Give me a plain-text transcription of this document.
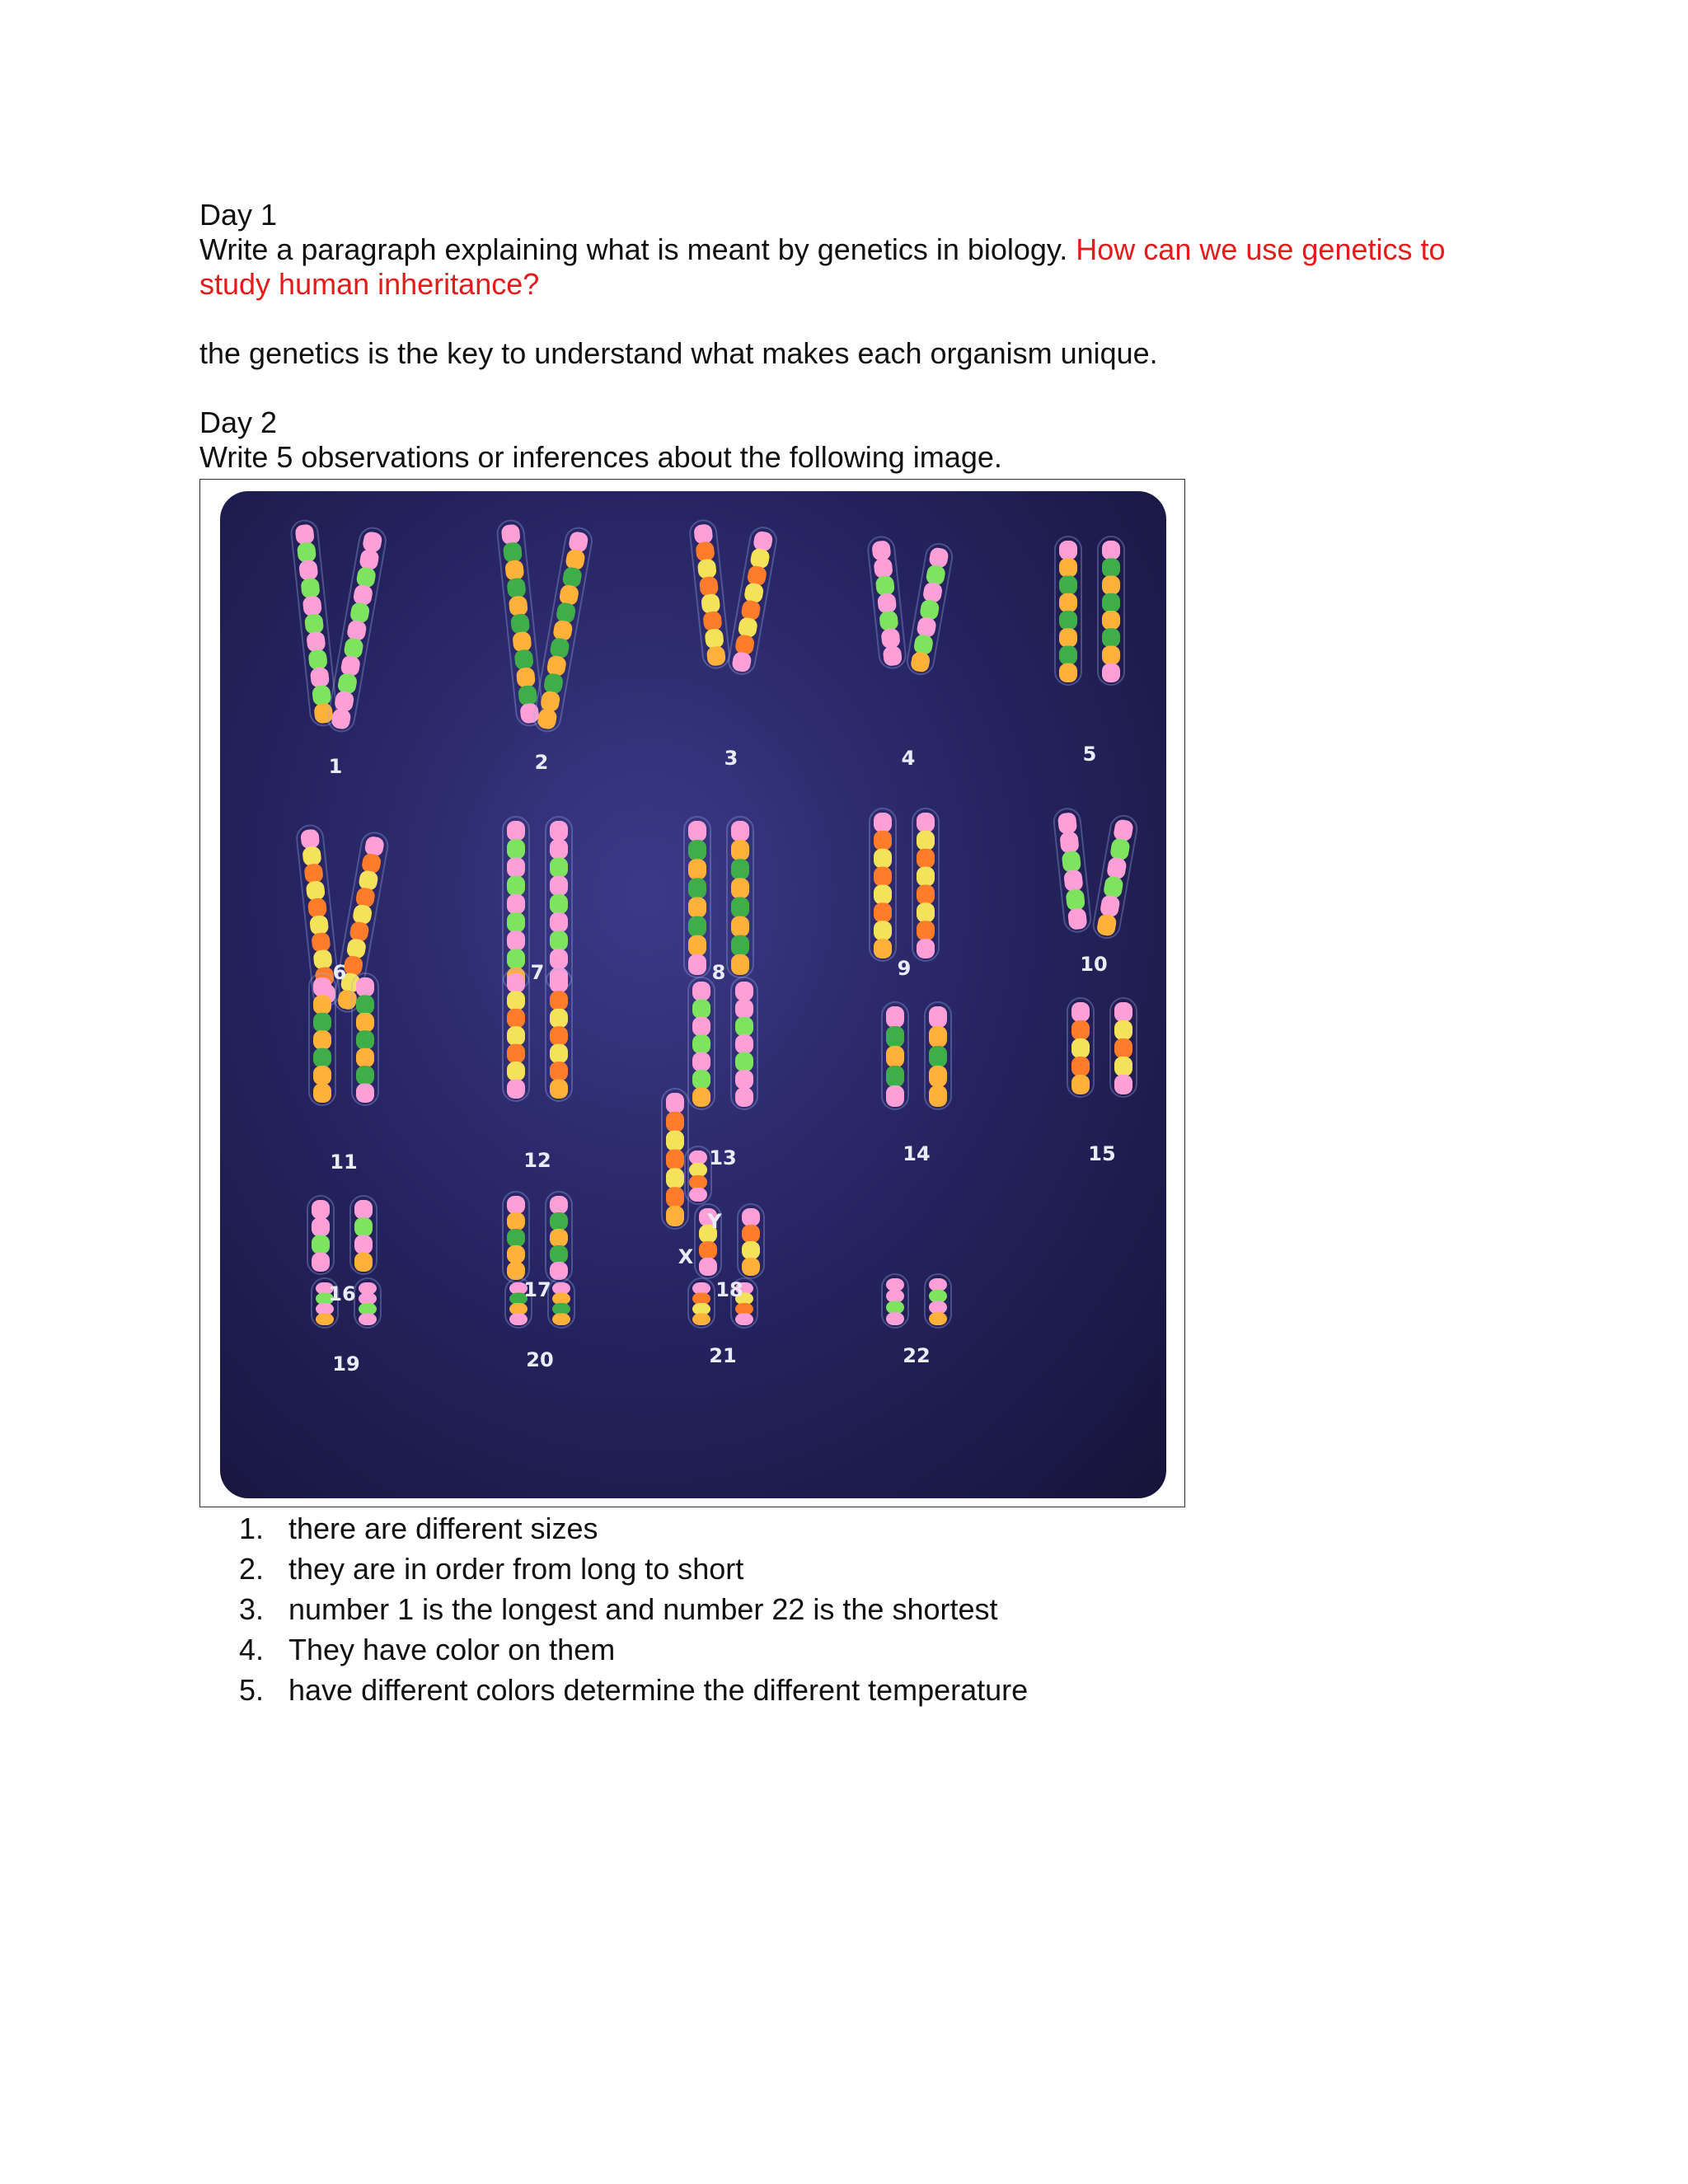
Day 1

Write a paragraph explaining what is meant by genetics in biology. How can we use genetics to

study human inheritance?

the genetics is the key to understand what makes each organism unique.

Day 2

Write 5 observations or inferences about the following image.

1	2	3	4	5
6	7	8	9	10
11	12	13	14	15
16	17	18
19	20	21	22
X
Y
1. there are different sizes
2. they are in order from long to short
3. number 1 is the longest and number 22 is the shortest
4. They have color on them
5. have different colors determine the different temperature
